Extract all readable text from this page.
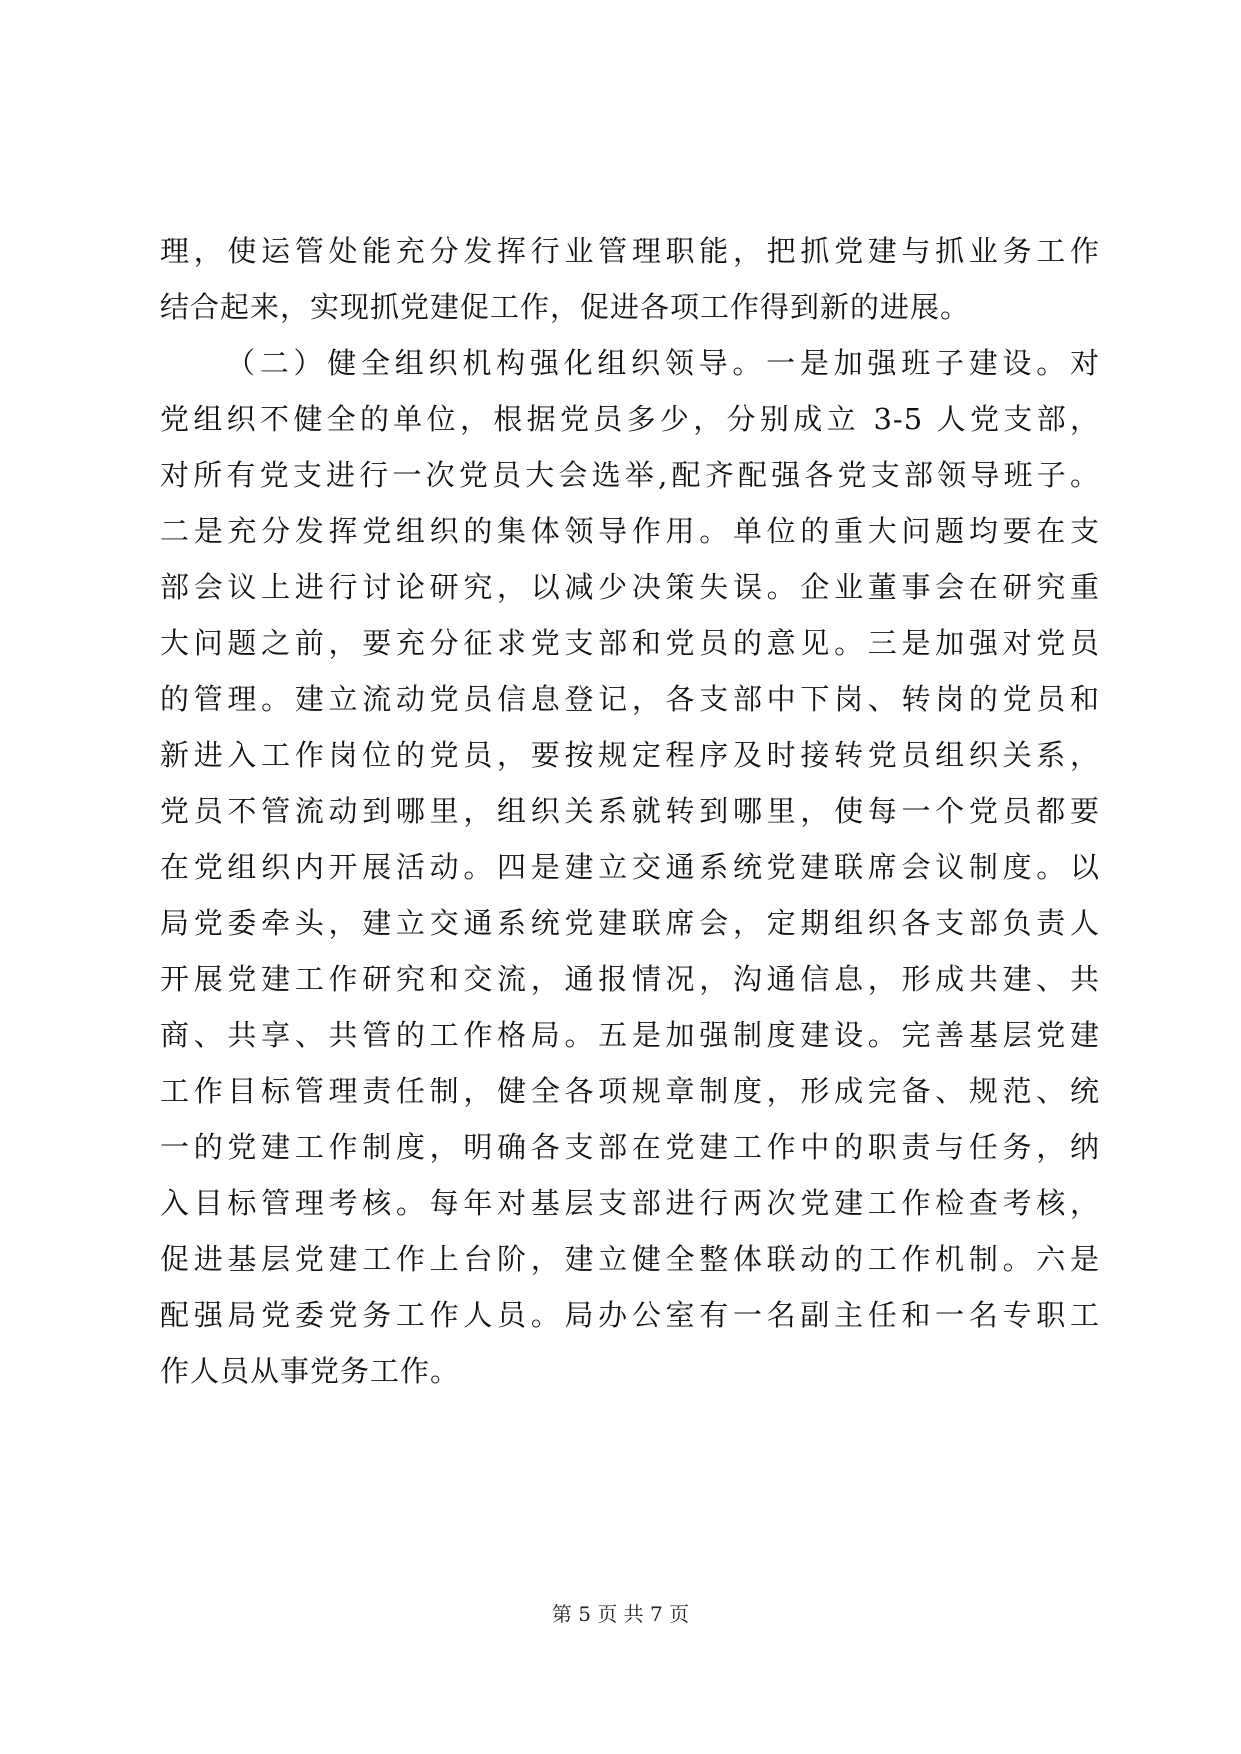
理，使运管处能充分发挥行业管理职能，把抓党建与抓业务工作
结合起来，实现抓党建促工作，促进各项工作得到新的进展。
（二）健全组织机构强化组织领导。一是加强班子建设。对
党组织不健全的单位，根据党员多少，分别成立 3-5 人党支部，
对所有党支进行一次党员大会选举,配齐配强各党支部领导班子。
二是充分发挥党组织的集体领导作用。单位的重大问题均要在支
部会议上进行讨论研究，以减少决策失误。企业董事会在研究重
大问题之前，要充分征求党支部和党员的意见。三是加强对党员
的管理。建立流动党员信息登记，各支部中下岗、转岗的党员和
新进入工作岗位的党员，要按规定程序及时接转党员组织关系，
党员不管流动到哪里，组织关系就转到哪里，使每一个党员都要
在党组织内开展活动。四是建立交通系统党建联席会议制度。以
局党委牵头，建立交通系统党建联席会，定期组织各支部负责人
开展党建工作研究和交流，通报情况，沟通信息，形成共建、共
商、共享、共管的工作格局。五是加强制度建设。完善基层党建
工作目标管理责任制，健全各项规章制度，形成完备、规范、统
一的党建工作制度，明确各支部在党建工作中的职责与任务，纳
入目标管理考核。每年对基层支部进行两次党建工作检查考核，
促进基层党建工作上台阶，建立健全整体联动的工作机制。六是
配强局党委党务工作人员。局办公室有一名副主任和一名专职工
作人员从事党务工作。
第 5 页 共 7 页
